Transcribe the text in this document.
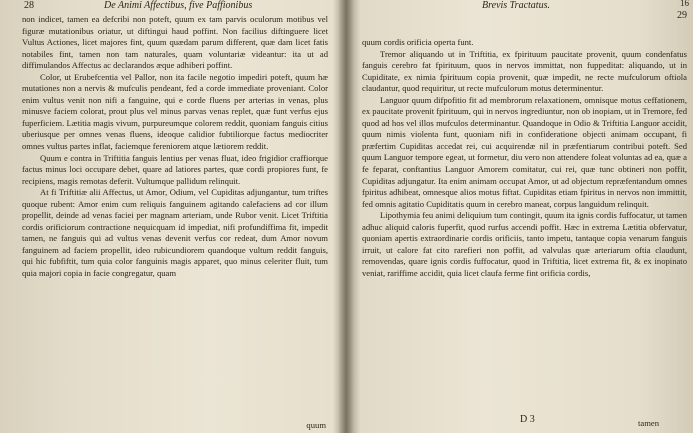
28	De Animi Affectibus, five Paffionibus

non indicet, tamen ea defcribi non poteft, quum ex tam parvis oculorum motibus vel figuræ mutationibus oriatur, ut diftingui haud poffint. Non facilius diftinguere licet Vultus Actiones, licet majores fint, quum quædam parum different, quæ dam licet fatis notabiles fint, tamen non tam naturales, quam voluntariæ videantur: ita ut ad diffimulandos Affectus ac declarandos æque adhiberi poffint.

Color, ut Erubefcentia vel Pallor, non ita facile negotio impediri poteft, quum hæ mutationes non a nervis & mufculis pendeant, fed a corde immediate proveniant. Color enim vultus venit non nifi a fanguine, qui e corde fluens per arterias in venas, plus minusve faciem colorat, prout plus vel minus parvas venas replet, quæ funt verfus ejus fuperficiem. Lætitia magis vivum, purpureumque colorem reddit, quoniam fanguis citius uberiusque per omnes venas fluens, ideoque calidior fubtiliorque factus mediocriter omnes vultus partes inflat, faciemque fereniorem atque lætiorem reddit.

Quum e contra in Triftitia fanguis lentius per venas fluat, ideo frigidior craffiorque factus minus loci occupare debet, quare ad latiores partes, quæ cordi propiores funt, fe recipiens, magis remotas deferit. Vultumque pallidum relinquit.

At fi Triftitiæ alii Affectus, ut Amor, Odium, vel Cupiditas adjungantur, tum triftes quoque rubent: Amor enim cum reliquis fanguinem agitando calefaciens ad cor illum propellit, deinde ad venas faciei per magnam arteriam, unde Rubor venit. Licet Triftitia cordis orificiorum contractione nequicquam id impediat, nifi profundiffima fit, impedit tamen, ne fanguis qui ad vultus venas devenit verfus cor redeat, dum Amor novum fanguinem ad faciem propellit, ideo rubicundiorem quandoque vultum reddit fanguis, qui hic fubfiftit, tum quia color fanguinis magis apparet, quo minus celeriter fluit, tum quia majori copia in facie congregatur, quam

quum
Brevis Tractatus.
29
16

quum cordis orificia operta funt.

Tremor aliquando ut in Triftitia, ex fpirituum paucitate provenit, quum condenfatus fanguis cerebro fat fpirituum, quos in nervos immittat, non fuppeditat: aliquando, ut in Cupiditate, ex nimia fpirituum copia provenit, quæ impedit, ne recte mufculorum oftiola claudantur, quod requiritur, ut recte mufculorum motus determinentur.

Languor quum difpofitio fit ad membrorum relaxationem, omnisque motus ceffationem, ex paucitate provenit fpirituum, qui in nervos ingrediuntur, non ob inopiam, ut in Tremore, fed quod ad hos vel illos mufculos determinantur. Quandoque in Odio & Triftitia Languor accidit, quum nimis violenta funt, quoniam nifi in confideratione objecti animam occupant, fi præfertim Cupiditas accedat rei, cui acquirendæ nil in præfentiarum contribui poteft. Sed quum Languor tempore egeat, ut formetur, diu vero non attendere foleat voluntas ad ea, quæ a fe feparat, conftantius Languor Amorem comitatur, cui rei, quæ tunc obtineri non poffit, Cupiditas adjungatur. Ita enim animam occupat Amor, ut ad objectum repræfentandum omnes fpiritus adhibeat, omnesque alios motus fiftat. Cupiditas etiam fpiritus in nervos non immittit, fed omnis agitatio Cupiditatis quum in cerebro maneat, corpus languidum relinquit.

Lipothymia feu animi deliquium tum contingit, quum ita ignis cordis fuffocatur, ut tamen adhuc aliquid caloris fuperfit, quod rurfus accendi poffit. Hæc in extrema Lætitia obfervatur, quoniam apertis extraordinarie cordis orificiis, tanto impetu, tantaque copia venarum fanguis irruit, ut calore fat cito rarefieri non poffit, ad valvulas quæ arteriarum oftia claudunt, removendas, quare ignis cordis fuffocatur, quod in Triftitia, licet extrema fit, & ex inopinato veniat, rariffime accidit, quia licet claufa ferme fint orificia cordis,

D 3	tamen
